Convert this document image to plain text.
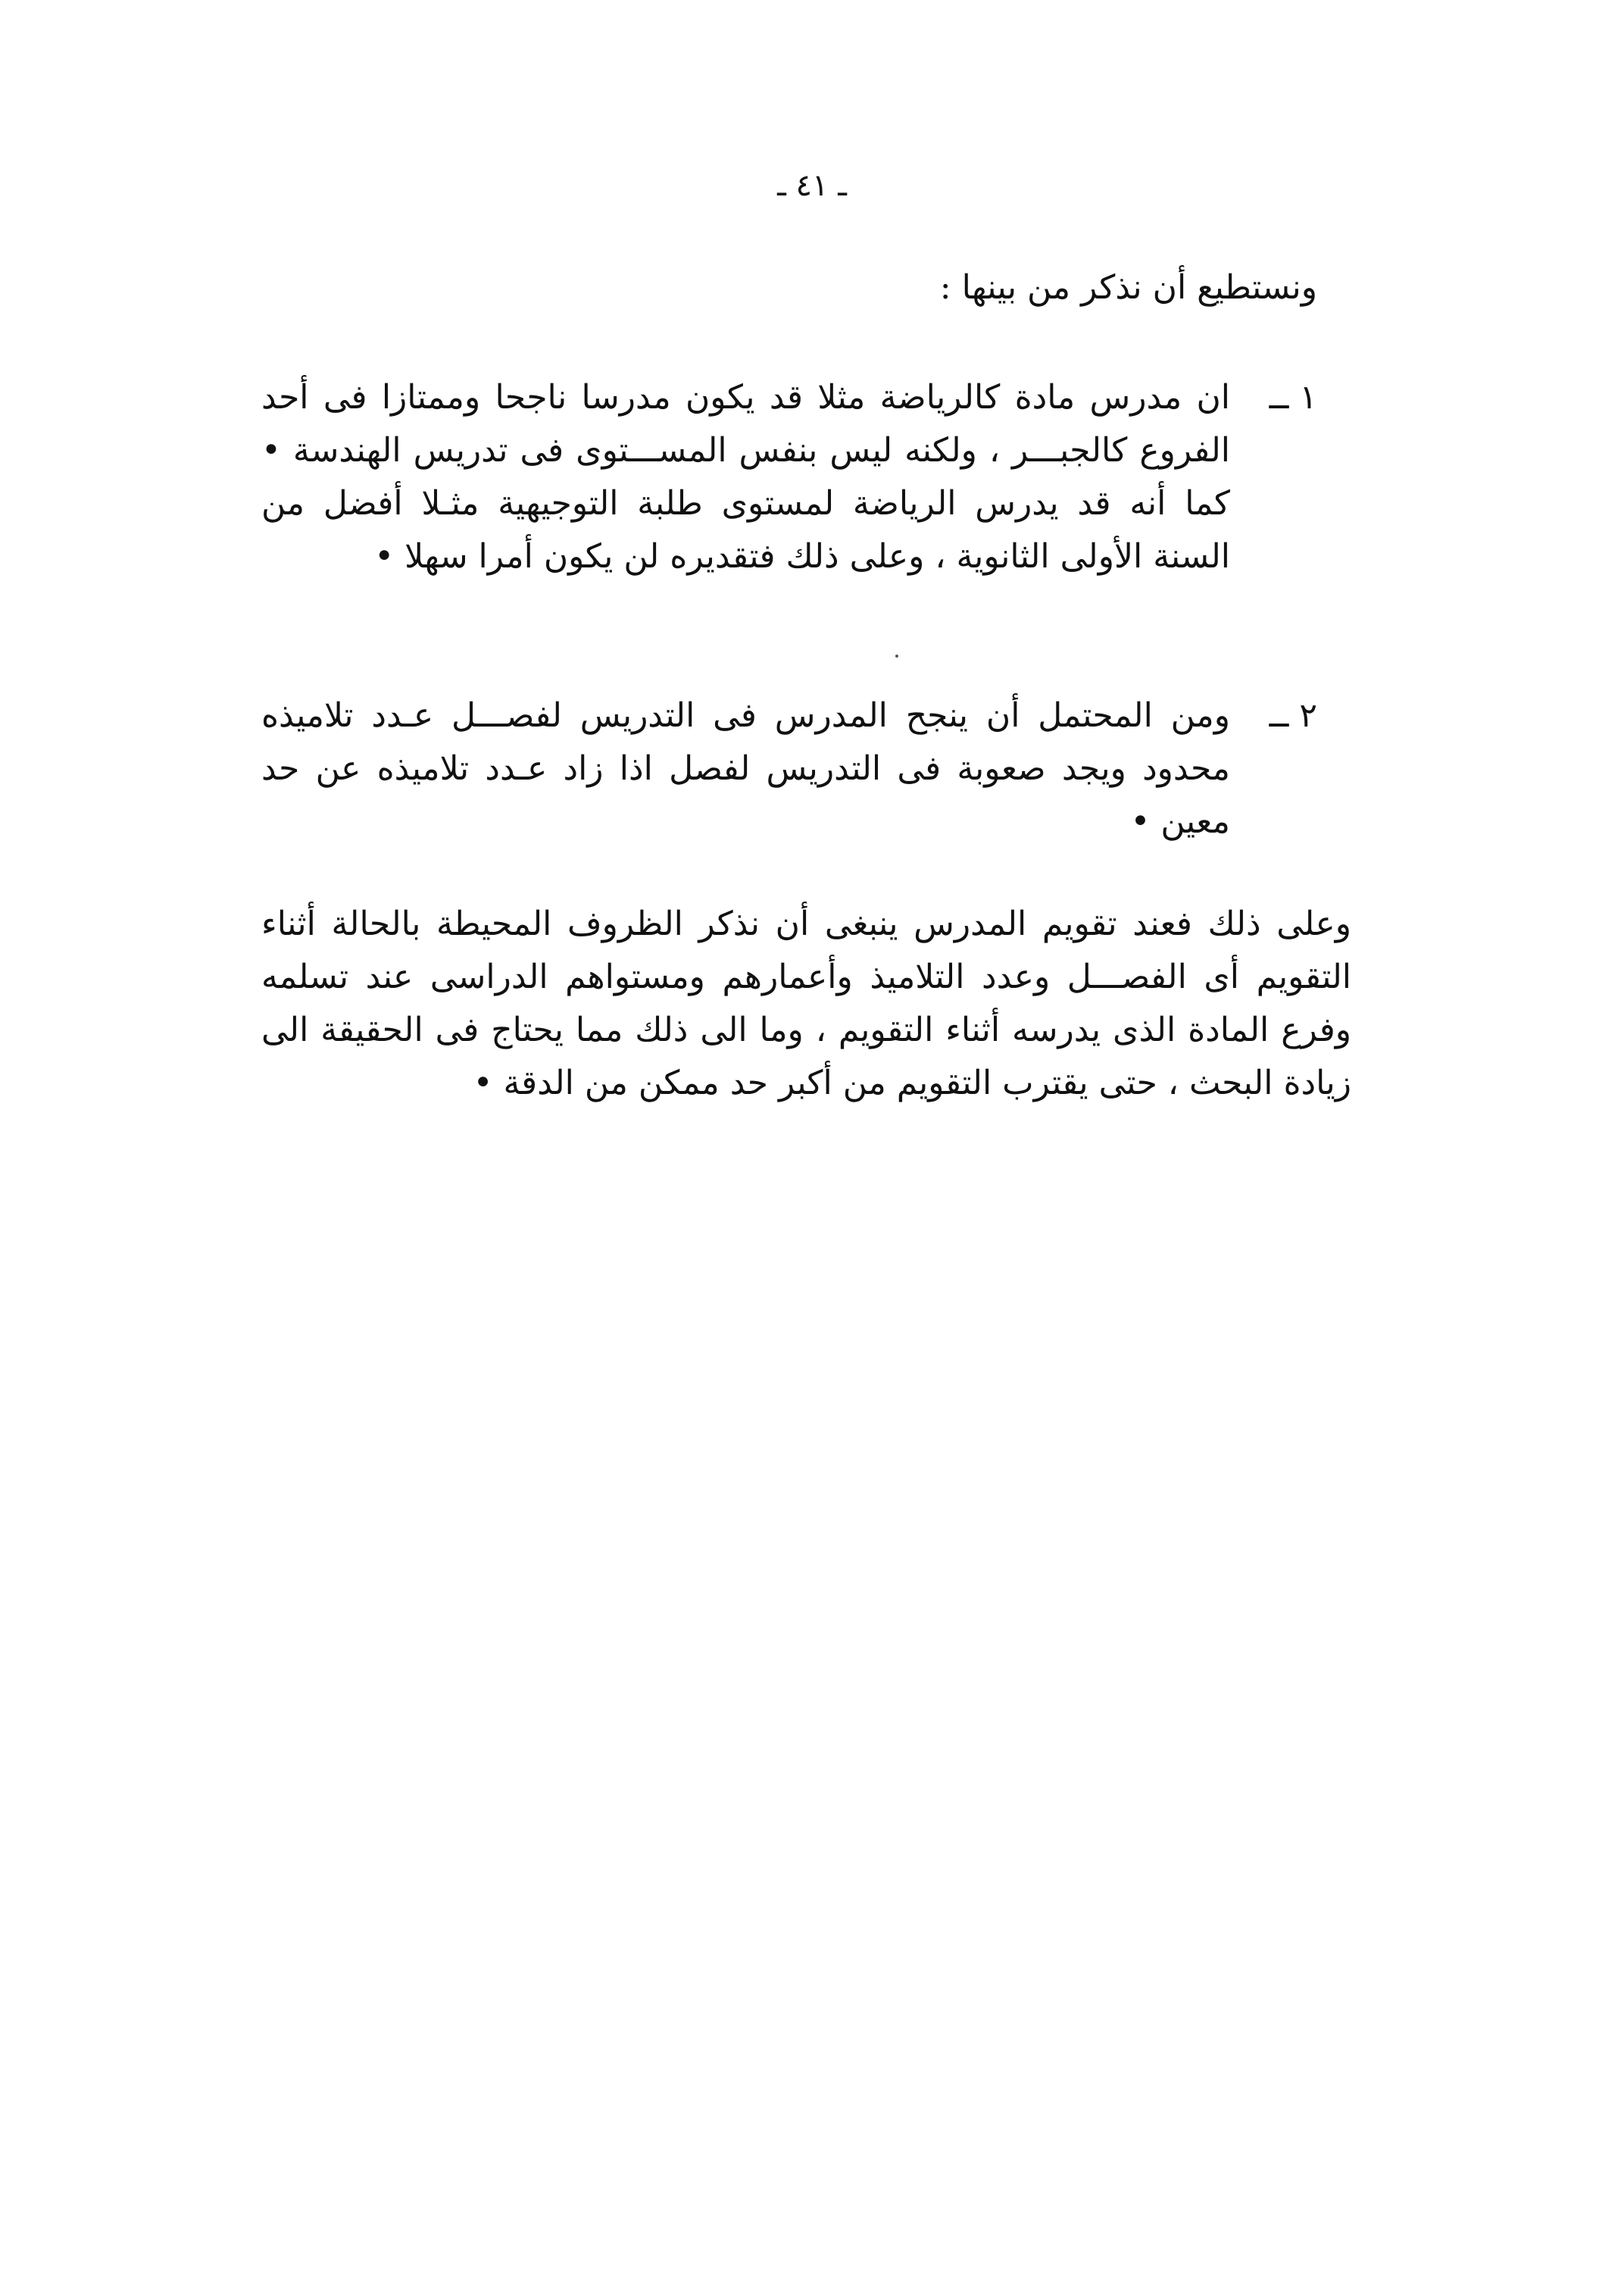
ـ ٤١ ـ
ونستطيع أن نذكر من بينها :
١ ــ
ان مدرس مادة كالرياضة مثلا قد يكون مدرسا ناجحا وممتازا فى أحد الفروع كالجبـــر ، ولكنه ليس بنفس المســـتوى فى تدريس الهندسة • كما أنه قد يدرس الرياضة لمستوى طلبة التوجيهية مثـلا أفضل من السنة الأولى الثانوية ، وعلى ذلك فتقديره لن يكون أمرا سهلا •
٢ ــ
ومن المحتمل أن ينجح المدرس فى التدريس لفصـــل عـدد تلاميذه محدود ويجد صعوبة فى التدريس لفصل اذا زاد عـدد تلاميذه عن حد معين •
وعلى ذلك فعند تقويم المدرس ينبغى أن نذكر الظروف المحيطة بالحالة أثناء التقويم أى الفصـــل وعدد التلاميذ وأعمارهم ومستواهم الدراسى عند تسلمه وفرع المادة الذى يدرسه أثناء التقويم ، وما الى ذلك مما يحتاج فى الحقيقة الى زيادة البحث ، حتى يقترب التقويم من أكبر حد ممكن من الدقة •
